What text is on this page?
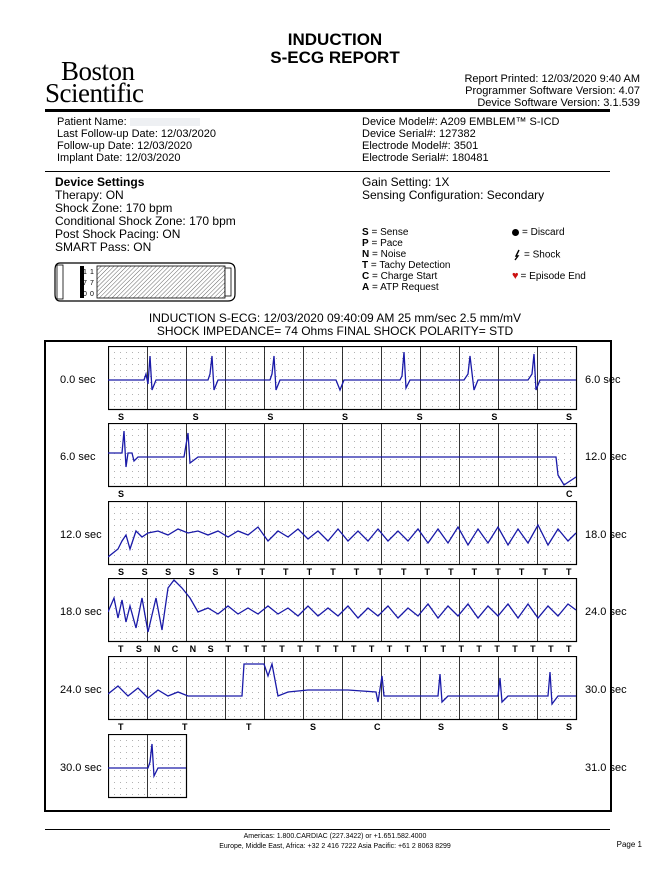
INDUCTION
S-ECG REPORT
Boston
Scientific	Report Printed: 12/03/2020 9:40 AM
Programmer Software Version: 4.07
Device Software Version: 3.1.539
Patient Name:
Last Follow-up Date: 12/03/2020
Follow-up Date: 12/03/2020
Implant Date: 12/03/2020
Device Model#: A209 EMBLEM™ S-ICD
Device Serial#: 127382
Electrode Model#: 3501
Electrode Serial#: 180481
Device Settings
Therapy: ON
Shock Zone: 170 bpm
Conditional Shock Zone: 170 bpm
Post Shock Pacing: ON
SMART Pass: ON
Gain Setting: 1X
Sensing Configuration: Secondary
1 1
7 7
0 0
S = Sense
P = Pace
N = Noise
T = Tachy Detection
C = Charge Start
A = ATP Request
= Discard
= Shock
♥ = Episode End
INDUCTION S-ECG: 12/03/2020 09:40:09 AM 25 mm/sec 2.5 mm/mV
SHOCK IMPEDANCE= 74 Ohms FINAL SHOCK POLARITY= STD
0.0 sec	6.0 sec
S	S	S	S	S	S	S
6.0 sec	12.0 sec
S	C
12.0 sec	18.0 sec
S S S S S T T T T T T T T T T T T T T T
18.0 sec	24.0 sec
T S N C N S T T T T T T T T T T T T T T T T T T T T
24.0 sec	30.0 sec
T	T	T	S	C	S	S	S
30.0 sec	31.0 sec
Americas: 1.800.CARDIAC (227.3422) or +1.651.582.4000
Europe, Middle East, Africa: +32 2 416 7222 Asia Pacific: +61 2 8063 8299	Page 1
